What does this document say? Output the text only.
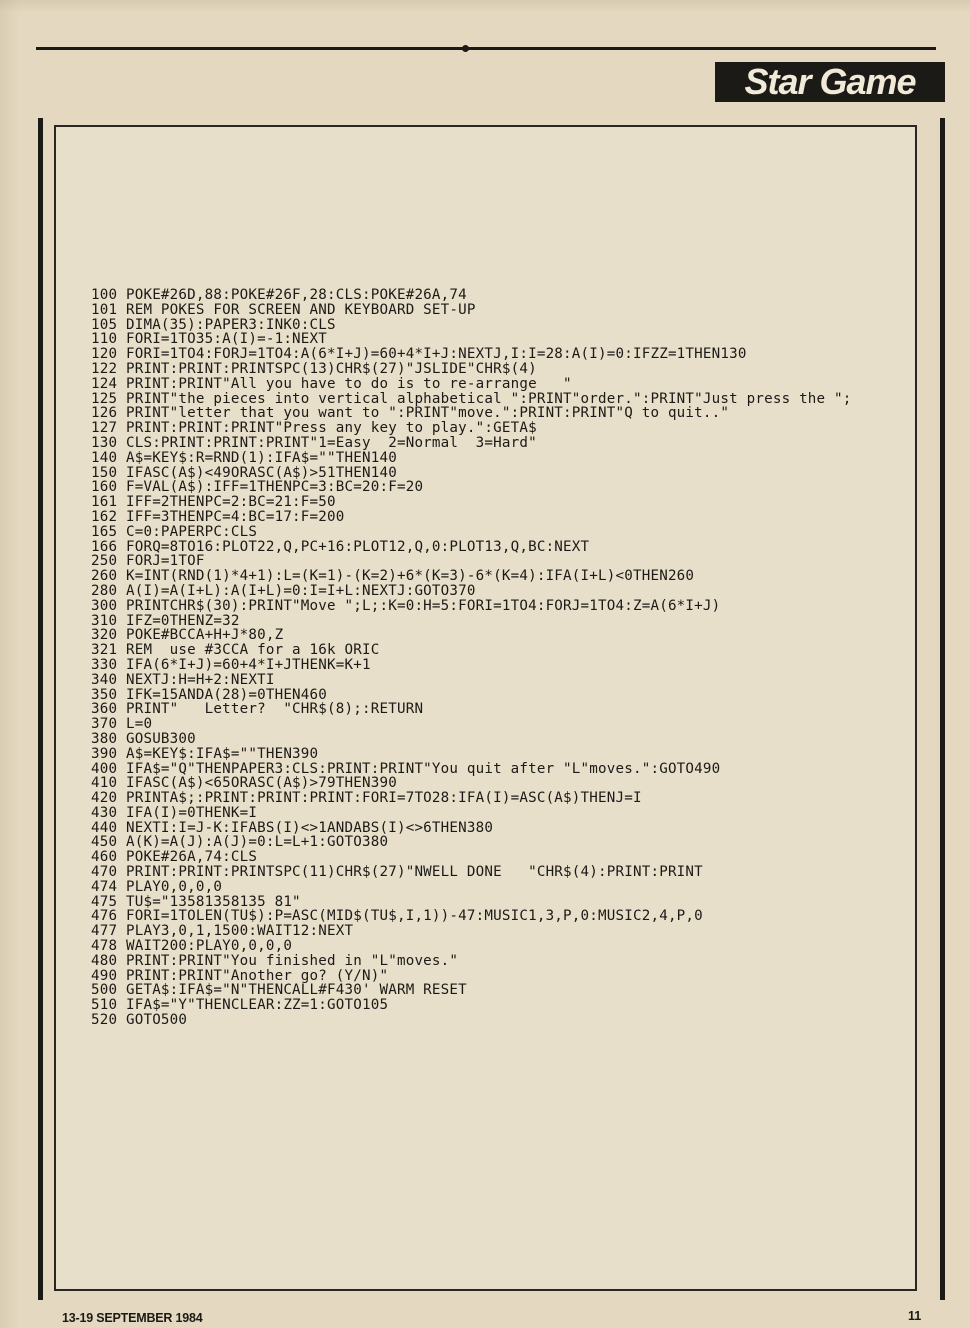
Star Game
100 POKE#26D,88:POKE#26F,28:CLS:POKE#26A,74
101 REM POKES FOR SCREEN AND KEYBOARD SET-UP
105 DIMA(35):PAPER3:INK0:CLS
110 FORI=1TO35:A(I)=-1:NEXT
120 FORI=1TO4:FORJ=1TO4:A(6*I+J)=60+4*I+J:NEXTJ,I:I=28:A(I)=0:IFZZ=1THEN130
122 PRINT:PRINT:PRINTSPC(13)CHR$(27)"JSLIDE"CHR$(4)
124 PRINT:PRINT"All you have to do is to re-arrange   "
125 PRINT"the pieces into vertical alphabetical ":PRINT"order.":PRINT"Just press the ";
126 PRINT"letter that you want to ":PRINT"move.":PRINT:PRINT"Q to quit.."
127 PRINT:PRINT:PRINT"Press any key to play.":GETA$
130 CLS:PRINT:PRINT:PRINT"1=Easy  2=Normal  3=Hard"
140 A$=KEY$:R=RND(1):IFA$=""THEN140
150 IFASC(A$)<49ORASC(A$)>51THEN140
160 F=VAL(A$):IFF=1THENPC=3:BC=20:F=20
161 IFF=2THENPC=2:BC=21:F=50
162 IFF=3THENPC=4:BC=17:F=200
165 C=0:PAPERPC:CLS
166 FORQ=8TO16:PLOT22,Q,PC+16:PLOT12,Q,0:PLOT13,Q,BC:NEXT
250 FORJ=1TOF
260 K=INT(RND(1)*4+1):L=(K=1)-(K=2)+6*(K=3)-6*(K=4):IFA(I+L)<0THEN260
280 A(I)=A(I+L):A(I+L)=0:I=I+L:NEXTJ:GOTO370
300 PRINTCHR$(30):PRINT"Move ";L;:K=0:H=5:FORI=1TO4:FORJ=1TO4:Z=A(6*I+J)
310 IFZ=0THENZ=32
320 POKE#BCCA+H+J*80,Z
321 REM  use #3CCA for a 16k ORIC
330 IFA(6*I+J)=60+4*I+JTHENK=K+1
340 NEXTJ:H=H+2:NEXTI
350 IFK=15ANDA(28)=0THEN460
360 PRINT"   Letter?  "CHR$(8);:RETURN
370 L=0
380 GOSUB300
390 A$=KEY$:IFA$=""THEN390
400 IFA$="Q"THENPAPER3:CLS:PRINT:PRINT"You quit after "L"moves.":GOTO490
410 IFASC(A$)<65ORASC(A$)>79THEN390
420 PRINTA$;:PRINT:PRINT:PRINT:FORI=7TO28:IFA(I)=ASC(A$)THENJ=I
430 IFA(I)=0THENK=I
440 NEXTI:I=J-K:IFABS(I)<>1ANDABS(I)<>6THEN380
450 A(K)=A(J):A(J)=0:L=L+1:GOTO380
460 POKE#26A,74:CLS
470 PRINT:PRINT:PRINTSPC(11)CHR$(27)"NWELL DONE   "CHR$(4):PRINT:PRINT
474 PLAY0,0,0,0
475 TU$="13581358135 81"
476 FORI=1TOLEN(TU$):P=ASC(MID$(TU$,I,1))-47:MUSIC1,3,P,0:MUSIC2,4,P,0
477 PLAY3,0,1,1500:WAIT12:NEXT
478 WAIT200:PLAY0,0,0,0
480 PRINT:PRINT"You finished in "L"moves."
490 PRINT:PRINT"Another go? (Y/N)"
500 GETA$:IFA$="N"THENCALL#F430' WARM RESET
510 IFA$="Y"THENCLEAR:ZZ=1:GOTO105
520 GOTO500
13-19 SEPTEMBER 1984	11
